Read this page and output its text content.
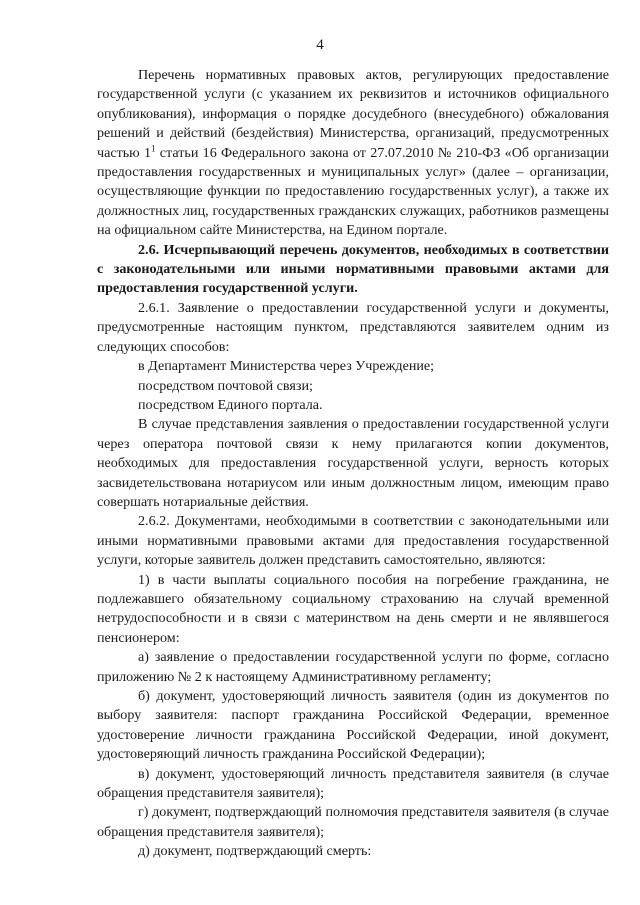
4

Перечень нормативных правовых актов, регулирующих предоставление государственной услуги (с указанием их реквизитов и источников официального опубликования), информация о порядке досудебного (внесудебного) обжалования решений и действий (бездействия) Министерства, организаций, предусмотренных частью $1^1$ статьи 16 Федерального закона от 27.07.2010 № 210-ФЗ «Об организации предоставления государственных и муниципальных услуг» (далее – организации, осуществляющие функции по предоставлению государственных услуг), а также их должностных лиц, государственных гражданских служащих, работников размещены на официальном сайте Министерства, на Едином портале.

2.6. Исчерпывающий перечень документов, необходимых в соответствии с законодательными или иными нормативными правовыми актами для предоставления государственной услуги.

2.6.1. Заявление о предоставлении государственной услуги и документы, предусмотренные настоящим пунктом, представляются заявителем одним из следующих способов:

в Департамент Министерства через Учреждение;

посредством почтовой связи;

посредством Единого портала.

В случае представления заявления о предоставлении государственной услуги через оператора почтовой связи к нему прилагаются копии документов, необходимых для предоставления государственной услуги, верность которых засвидетельствована нотариусом или иным должностным лицом, имеющим право совершать нотариальные действия.

2.6.2. Документами, необходимыми в соответствии с законодательными или иными нормативными правовыми актами для предоставления государственной услуги, которые заявитель должен представить самостоятельно, являются:

1) в части выплаты социального пособия на погребение гражданина, не подлежавшего обязательному социальному страхованию на случай временной нетрудоспособности и в связи с материнством на день смерти и не являвшегося пенсионером:

а) заявление о предоставлении государственной услуги по форме, согласно приложению № 2 к настоящему Административному регламенту;

б) документ, удостоверяющий личность заявителя (один из документов по выбору заявителя: паспорт гражданина Российской Федерации, временное удостоверение личности гражданина Российской Федерации, иной документ, удостоверяющий личность гражданина Российской Федерации);

в) документ, удостоверяющий личность представителя заявителя (в случае обращения представителя заявителя);

г) документ, подтверждающий полномочия представителя заявителя (в случае обращения представителя заявителя);

д) документ, подтверждающий смерть:
